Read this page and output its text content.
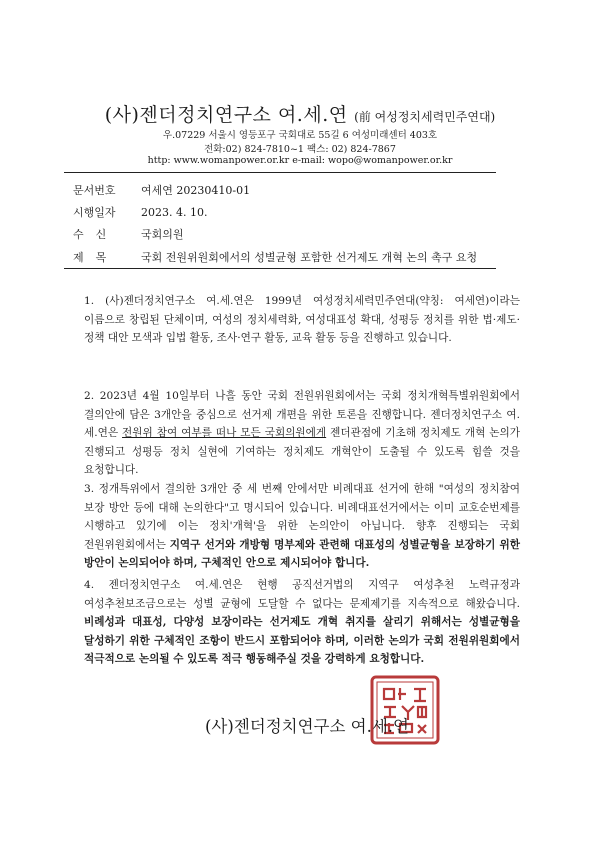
(사)젠더정치연구소 여.세.연 (前 여성정치세력민주연대)
우.07229 서울시 영등포구 국회대로 55길 6 여성미래센터 403호
전화:02) 824-7810~1 팩스: 02) 824-7867
http: www.womanpower.or.kr e-mail: wopo@womanpower.or.kr
문서번호 여세연 20230410-01
시행일자 2023. 4. 10.
수신 국회의원
제목 국회 전원위원회에서의 성별균형 포함한 선거제도 개혁 논의 촉구 요청
1. (사)젠더정치연구소 여.세.연은 1999년 여성정치세력민주연대(약칭: 여세연)이라는 이름으로 창립된 단체이며, 여성의 정치세력화, 여성대표성 확대, 성평등 정치를 위한 법·제도·정책 대안 모색과 입법 활동, 조사·연구 활동, 교육 활동 등을 진행하고 있습니다.
2. 2023년 4월 10일부터 나흘 동안 국회 전원위원회에서는 국회 정치개혁특별위원회에서 결의안에 담은 3개안을 중심으로 선거제 개편을 위한 토론을 진행합니다. 젠더정치연구소 여.세.연은 전원위 참여 여부를 떠나 모든 국회의원에게 젠더관점에 기초해 정치제도 개혁 논의가 진행되고 성평등 정치 실현에 기여하는 정치제도 개혁안이 도출될 수 있도록 힘쓸 것을 요청합니다.
3. 정개특위에서 결의한 3개안 중 세 번째 안에서만 비례대표 선거에 한해 "여성의 정치참여 보장 방안 등에 대해 논의한다"고 명시되어 있습니다. 비례대표선거에서는 이미 교호순번제를 시행하고 있기에 이는 정치'개혁'을 위한 논의안이 아닙니다. 향후 진행되는 국회 전원위원회에서는 지역구 선거와 개방형 명부제와 관련해 대표성의 성별균형을 보장하기 위한 방안이 논의되어야 하며, 구체적인 안으로 제시되어야 합니다.
4. 젠더정치연구소 여.세.연은 현행 공직선거법의 지역구 여성추천 노력규정과 여성추천보조금으로는 성별 균형에 도달할 수 없다는 문제제기를 지속적으로 해왔습니다. 비례성과 대표성, 다양성 보장이라는 선거제도 개혁 취지를 살리기 위해서는 성별균형을 달성하기 위한 구체적인 조항이 반드시 포함되어야 하며, 이러한 논의가 국회 전원위원회에서 적극적으로 논의될 수 있도록 적극 행동해주실 것을 강력하게 요청합니다.
(사)젠더정치연구소 여.세.연
